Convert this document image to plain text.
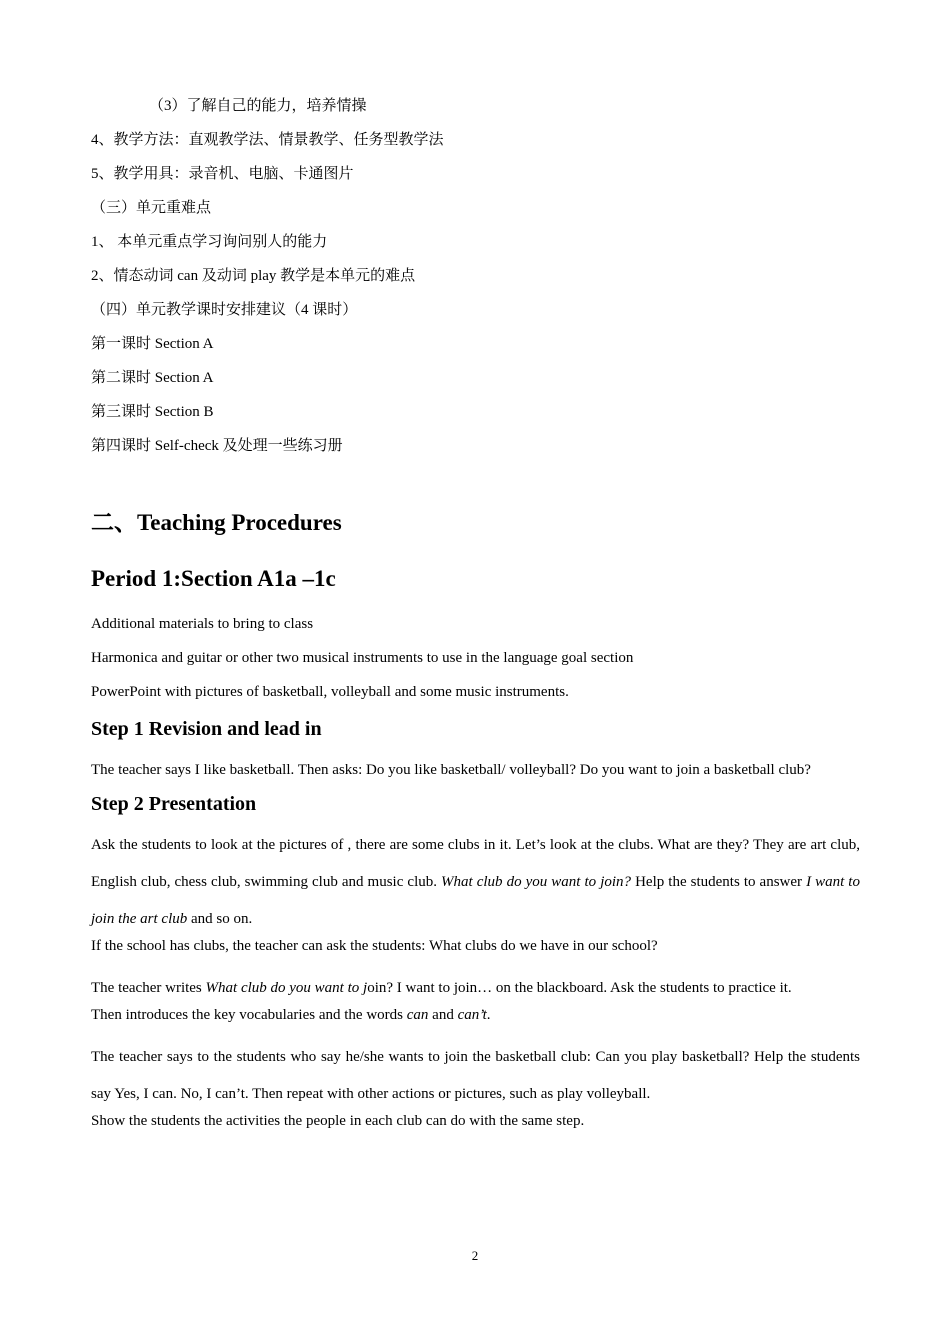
（3）了解自己的能力，培养情操

4、教学方法：直观教学法、情景教学、任务型教学法

5、教学用具：录音机、电脑、卡通图片

（三）单元重难点

1、 本单元重点学习询问别人的能力

2、情态动词 can 及动词 play 教学是本单元的难点

（四）单元教学课时安排建议（4 课时）

第一课时 Section A

第二课时 Section A

第三课时 Section B

第四课时 Self-check 及处理一些练习册

二、Teaching Procedures
Period 1:Section A1a –1c

Additional materials to bring to class

Harmonica and guitar or other two musical instruments to use in the language goal section

PowerPoint with pictures of basketball, volleyball and some music instruments.

Step 1 Revision and lead in

The teacher says I like basketball. Then asks: Do you like basketball/ volleyball? Do you want to join a basketball club?

Step 2 Presentation

Ask the students to look at the pictures of , there are some clubs in it. Let’s look at the clubs. What are they? They are art club, English club, chess club, swimming club and music club. What club do you want to join? Help the students to answer I want to join the art club and so on.

If the school has clubs, the teacher can ask the students: What clubs do we have in our school?

The teacher writes What club do you want to join? I want to join… on the blackboard. Ask the students to practice it.

Then introduces the key vocabularies and the words can and can’t.

The teacher says to the students who say he/she wants to join the basketball club: Can you play basketball? Help the students say Yes, I can. No, I can’t. Then repeat with other actions or pictures, such as play volleyball.

Show the students the activities the people in each club can do with the same step.

2
